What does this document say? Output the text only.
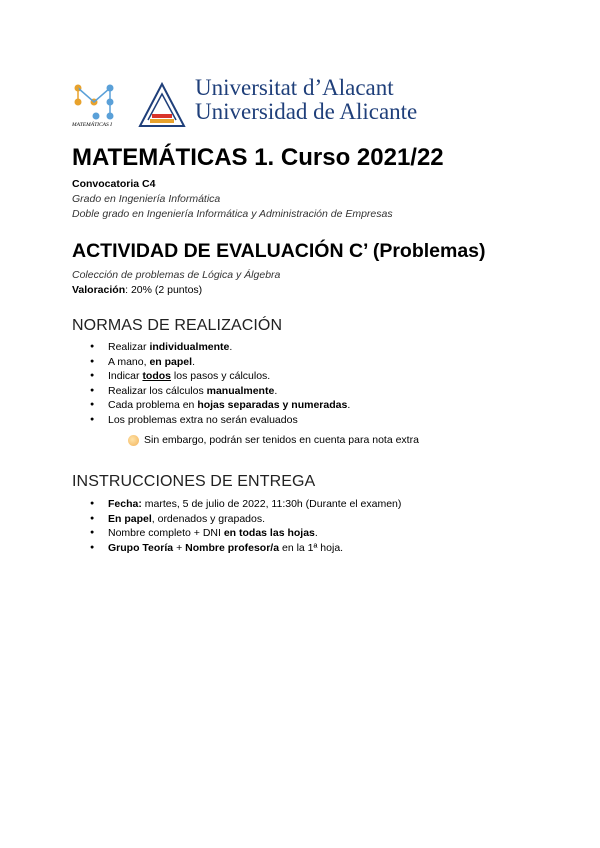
MATEMÁTICAS I
Universitat d’Alacant
Universidad de Alicante
MATEMÁTICAS 1. Curso 2021/22
Convocatoria C4
Grado en Ingeniería Informática
Doble grado en Ingeniería Informática y Administración de Empresas
ACTIVIDAD DE EVALUACIÓN C’ (Problemas)
Colección de problemas de Lógica y Álgebra
Valoración: 20% (2 puntos)
NORMAS DE REALIZACIÓN
● Realizar individualmente.
● A mano, en papel.
● Indicar todos los pasos y cálculos.
● Realizar los cálculos manualmente.
● Cada problema en hojas separadas y numeradas.
● Los problemas extra no serán evaluados
Sin embargo, podrán ser tenidos en cuenta para nota extra
INSTRUCCIONES DE ENTREGA
● Fecha: martes, 5 de julio de 2022, 11:30h (Durante el examen)
● En papel, ordenados y grapados.
● Nombre completo + DNI en todas las hojas.
● Grupo Teoría + Nombre profesor/a en la 1ª hoja.
